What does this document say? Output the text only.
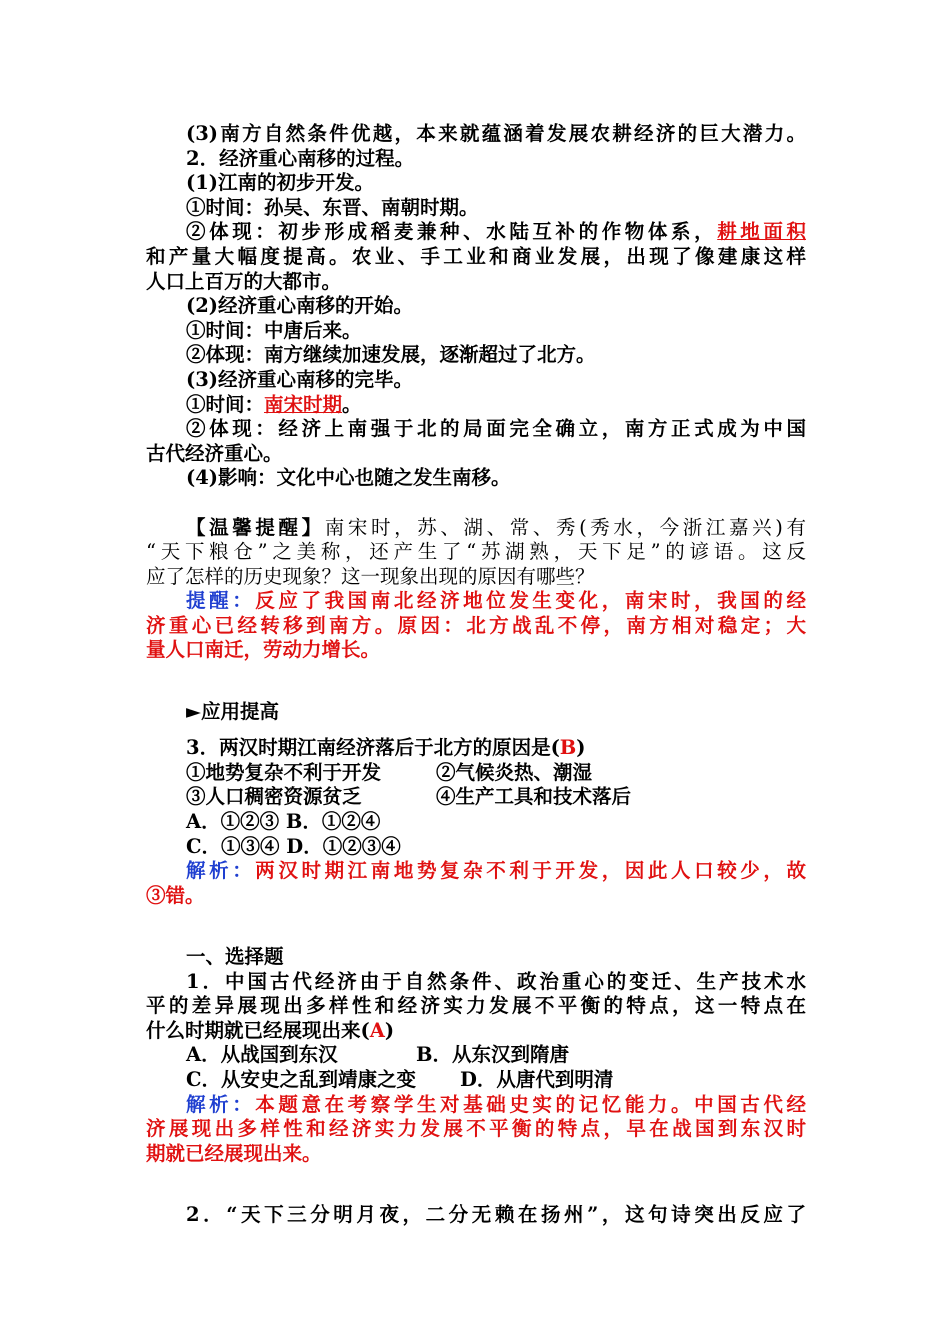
(3)南方自然条件优越，本来就蕴涵着发展农耕经济的巨大潜力。
2．经济重心南移的过程。
(1)江南的初步开发。
①时间：孙吴、东晋、南朝时期。
②体现：初步形成稻麦兼种、水陆互补的作物体系，耕地面积
和产量大幅度提高。农业、手工业和商业发展，出现了像建康这样
人口上百万的大都市。
(2)经济重心南移的开始。
①时间：中唐后来。
②体现：南方继续加速发展，逐渐超过了北方。
(3)经济重心南移的完毕。
①时间：南宋时期。
②体现：经济上南强于北的局面完全确立，南方正式成为中国
古代经济重心。
(4)影响：文化中心也随之发生南移。
【温馨提醒】南宋时，苏、湖、常、秀(秀水，今浙江嘉兴)有
“天下粮仓”之美称，还产生了“苏湖熟，天下足”的谚语。这反
应了怎样的历史现象？这一现象出现的原因有哪些？
提醒：反应了我国南北经济地位发生变化，南宋时，我国的经
济重心已经转移到南方。原因：北方战乱不停，南方相对稳定；大
量人口南迁，劳动力增长。
►应用提高
3．两汉时期江南经济落后于北方的原因是(B)
①地势复杂不利于开发	②气候炎热、潮湿
③人口稠密资源贫乏	④生产工具和技术落后
A．①②③ B．①②④
C．①③④ D．①②③④
解析：两汉时期江南地势复杂不利于开发，因此人口较少，故
③错。
一、选择题
1．中国古代经济由于自然条件、政治重心的变迁、生产技术水
平的差异展现出多样性和经济实力发展不平衡的特点，这一特点在
什么时期就已经展现出来(A)
A．从战国到东汉	B．从东汉到隋唐
C．从安史之乱到靖康之变 D．从唐代到明清
解析：本题意在考察学生对基础史实的记忆能力。中国古代经
济展现出多样性和经济实力发展不平衡的特点，早在战国到东汉时
期就已经展现出来。
2．“天下三分明月夜，二分无赖在扬州”，这句诗突出反应了
